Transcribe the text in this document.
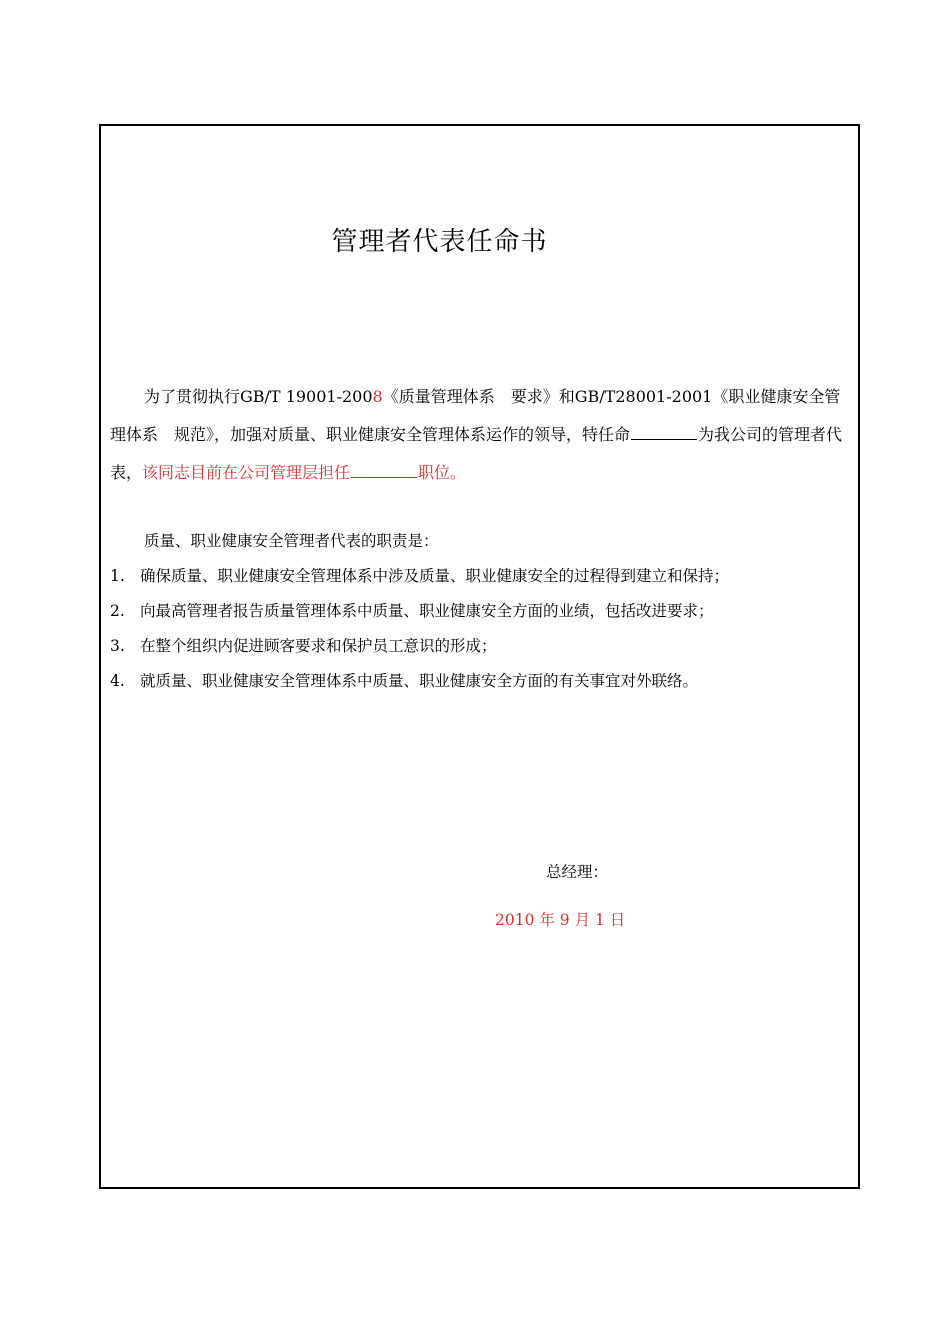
管理者代表任命书

为了贯彻执行GB/T 19001-2008《质量管理体系　要求》和GB/T28001-2001《职业健康安全管理体系　规范》，加强对质量、职业健康安全管理体系运作的领导，特任命	为我公司的管理者代表，该同志目前在公司管理层担任	职位。

质量、职业健康安全管理者代表的职责是：
1. 确保质量、职业健康安全管理体系中涉及质量、职业健康安全的过程得到建立和保持；
2. 向最高管理者报告质量管理体系中质量、职业健康安全方面的业绩，包括改进要求；
3. 在整个组织内促进顾客要求和保护员工意识的形成；
4. 就质量、职业健康安全管理体系中质量、职业健康安全方面的有关事宜对外联络。
总经理：
2010 年 9 月 1 日
